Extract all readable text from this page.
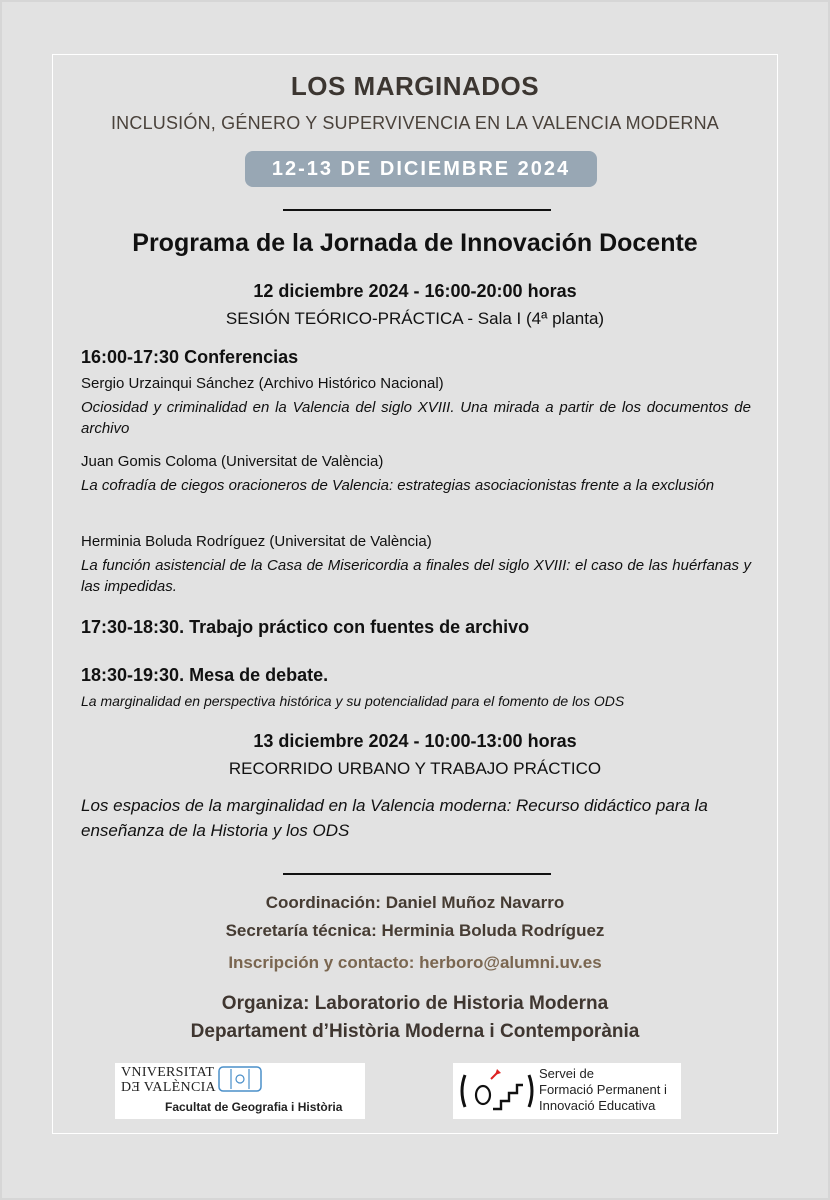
LOS MARGINADOS
INCLUSIÓN, GÉNERO Y SUPERVIVENCIA EN LA VALENCIA MODERNA
12-13 DE DICIEMBRE 2024
Programa de la Jornada de Innovación Docente
12 diciembre 2024 - 16:00-20:00 horas
SESIÓN TEÓRICO-PRÁCTICA - Sala I (4ª planta)
16:00-17:30 Conferencias
Sergio Urzainqui Sánchez (Archivo Histórico Nacional)
Ociosidad y criminalidad en la Valencia del siglo XVIII. Una mirada a partir de los documentos de archivo
Juan Gomis Coloma (Universitat de València)
La cofradía de ciegos oracioneros de Valencia: estrategias asociacionistas frente a la exclusión
Herminia Boluda Rodríguez (Universitat de València)
La función asistencial de la Casa de Misericordia a finales del siglo XVIII: el caso de las huérfanas y las impedidas.
17:30-18:30. Trabajo práctico con fuentes de archivo
18:30-19:30. Mesa de debate.
La marginalidad en perspectiva histórica y su potencialidad para el fomento de los ODS
13 diciembre 2024 - 10:00-13:00 horas
RECORRIDO URBANO Y TRABAJO PRÁCTICO
Los espacios de la marginalidad en la Valencia moderna: Recurso didáctico para la enseñanza de la Historia y los ODS
Coordinación: Daniel Muñoz Navarro
Secretaría técnica: Herminia Boluda Rodríguez
Inscripción y contacto: herboro@alumni.uv.es
Organiza: Laboratorio de Historia Moderna
Departament d’Història Moderna i Contemporània
VNIVERSITAT
DƎ VALÈNCIA
Facultat de Geografia i Història
Servei de
Formació Permanent i
Innovació Educativa
